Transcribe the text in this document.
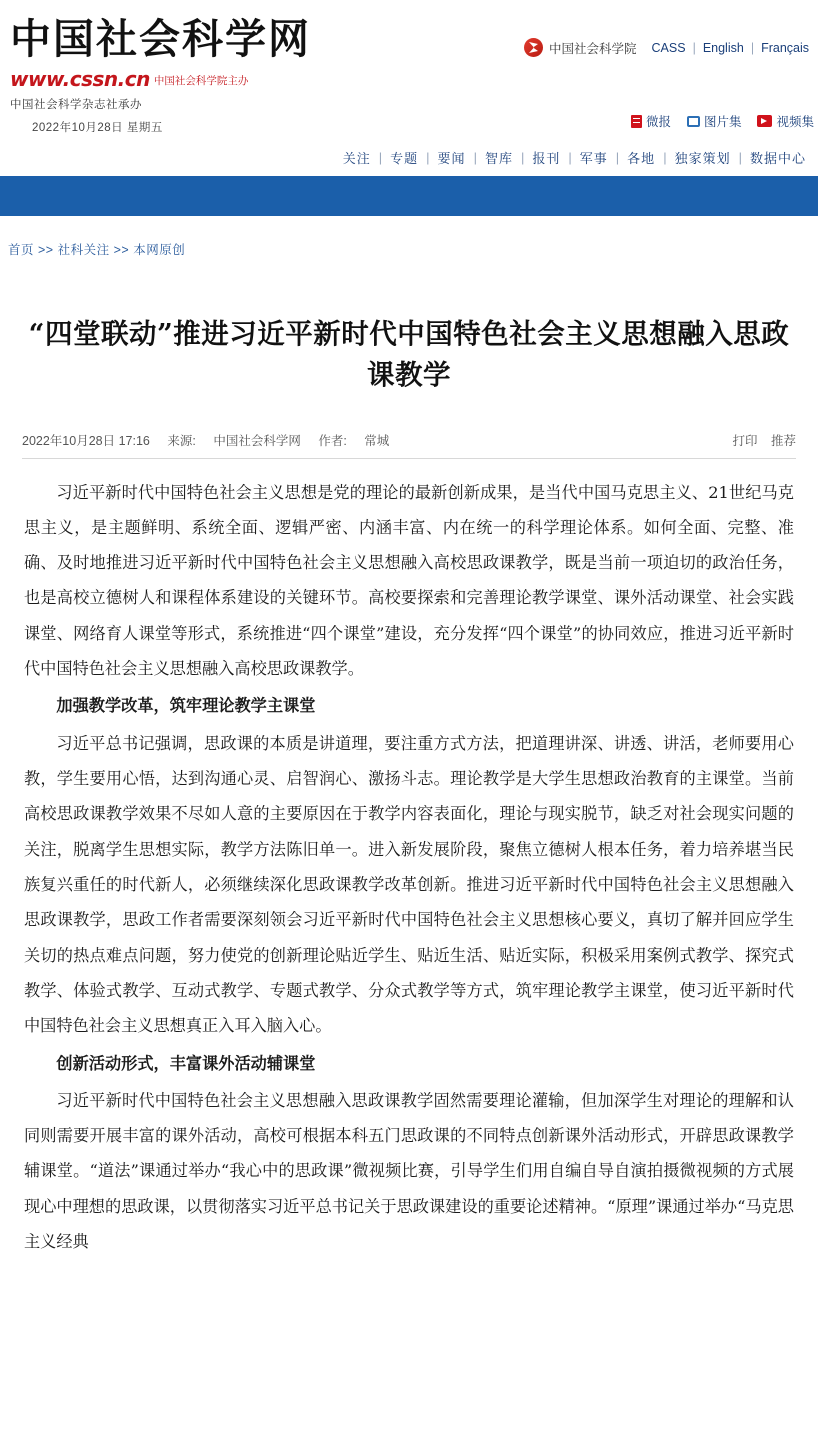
中国社会科学网
www.cssn.cn 中国社会科学院主办
中国社会科学杂志社承办
2022年10月28日 星期五
中国社会科学院	CASS | English | Français
微报	图片集	视频集
关注 | 专题 | 要闻 | 智库 | 报刊 | 军事 | 各地 | 独家策划 | 数据中心
首页 >> 社科关注 >> 本网原创
“四堂联动”推进习近平新时代中国特色社会主义思想融入思政课教学
2022年10月28日 17:16 来源: 中国社会科学网 作者: 常城	打印 推荐

习近平新时代中国特色社会主义思想是党的理论的最新创新成果，是当代中国马克思主义、21世纪马克思主义，是主题鲜明、系统全面、逻辑严密、内涵丰富、内在统一的科学理论体系。如何全面、完整、准确、及时地推进习近平新时代中国特色社会主义思想融入高校思政课教学，既是当前一项迫切的政治任务，也是高校立德树人和课程体系建设的关键环节。高校要探索和完善理论教学课堂、课外活动课堂、社会实践课堂、网络育人课堂等形式，系统推进“四个课堂”建设，充分发挥“四个课堂”的协同效应，推进习近平新时代中国特色社会主义思想融入高校思政课教学。

加强教学改革，筑牢理论教学主课堂

习近平总书记强调，思政课的本质是讲道理，要注重方式方法，把道理讲深、讲透、讲活，老师要用心教，学生要用心悟，达到沟通心灵、启智润心、激扬斗志。理论教学是大学生思想政治教育的主课堂。当前高校思政课教学效果不尽如人意的主要原因在于教学内容表面化，理论与现实脱节，缺乏对社会现实问题的关注，脱离学生思想实际，教学方法陈旧单一。进入新发展阶段，聚焦立德树人根本任务，着力培养堪当民族复兴重任的时代新人，必须继续深化思政课教学改革创新。推进习近平新时代中国特色社会主义思想融入思政课教学，思政工作者需要深刻领会习近平新时代中国特色社会主义思想核心要义，真切了解并回应学生关切的热点难点问题，努力使党的创新理论贴近学生、贴近生活、贴近实际，积极采用案例式教学、探究式教学、体验式教学、互动式教学、专题式教学、分众式教学等方式，筑牢理论教学主课堂，使习近平新时代中国特色社会主义思想真正入耳入脑入心。

创新活动形式，丰富课外活动辅课堂

习近平新时代中国特色社会主义思想融入思政课教学固然需要理论灌输，但加深学生对理论的理解和认同则需要开展丰富的课外活动，高校可根据本科五门思政课的不同特点创新课外活动形式，开辟思政课教学辅课堂。“道法”课通过举办“我心中的思政课”微视频比赛，引导学生们用自编自导自演拍摄微视频的方式展现心中理想的思政课，以贯彻落实习近平总书记关于思政课建设的重要论述精神。“原理”课通过举办“马克思主义经典
